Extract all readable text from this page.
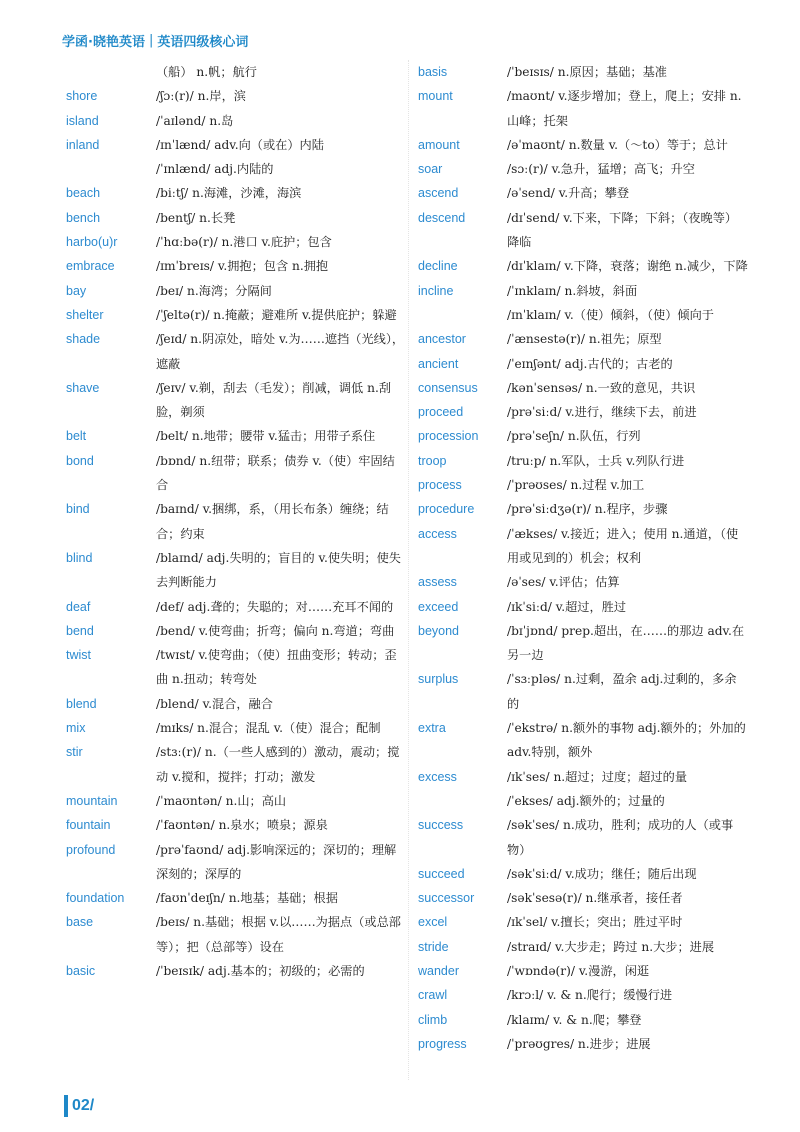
学函·晓艳英语 | 英语四级核心词
（船） n.帆；航行
shore	/ʃɔː(r)/ n.岸，滨
island	/ˈaɪlənd/ n.岛
inland	/ɪnˈlænd/ adv.向（或在）内陆
/ˈɪnlænd/ adj.内陆的
beach	/biːtʃ/ n.海滩，沙滩，海滨
bench	/bentʃ/ n.长凳
harbo(u)r	/ˈhɑːbə(r)/ n.港口 v.庇护；包含
embrace	/ɪmˈbreɪs/ v.拥抱；包含 n.拥抱
bay	/beɪ/ n.海湾；分隔间
shelter	/ˈʃeltə(r)/ n.掩蔽；避难所 v.提供庇护；躲避
shade	/ʃeɪd/ n.阴凉处，暗处 v.为……遮挡（光线），遮蔽
shave	/ʃeɪv/ v.剃，刮去（毛发）；削减，调低 n.刮脸，剃须
belt	/belt/ n.地带；腰带 v.猛击；用带子系住
bond	/bɒnd/ n.纽带；联系；债券 v.（使）牢固结合
bind	/baɪnd/ v.捆绑，系，（用长布条）缠绕；结合；约束
blind	/blaɪnd/ adj.失明的；盲目的 v.使失明；使失去判断能力
deaf	/def/ adj.聋的；失聪的；对……充耳不闻的
bend	/bend/ v.使弯曲；折弯；偏向 n.弯道；弯曲
twist	/twɪst/ v.使弯曲；（使）扭曲变形；转动；歪曲 n.扭动；转弯处
blend	/blend/ v.混合，融合
mix	/mɪks/ n.混合；混乱 v.（使）混合；配制
stir	/stɜː(r)/ n.（一些人感到的）激动，震动；搅动 v.搅和，搅拌；打动；激发
mountain	/ˈmaʊntən/ n.山；高山
fountain	/ˈfaʊntən/ n.泉水；喷泉；源泉
profound	/prəˈfaʊnd/ adj.影响深远的；深切的；理解深刻的；深厚的
foundation	/faʊnˈdeɪʃn/ n.地基；基础；根据
base	/beɪs/ n.基础；根据 v.以……为据点（或总部等）；把（总部等）设在
basic	/ˈbeɪsɪk/ adj.基本的；初级的；必需的
basis	/ˈbeɪsɪs/ n.原因；基础；基准
mount	/maʊnt/ v.逐步增加；登上，爬上；安排 n.山峰；托架
amount	/əˈmaʊnt/ n.数量 v.（～to）等于；总计
soar	/sɔː(r)/ v.急升，猛增；高飞；升空
ascend	/əˈsend/ v.升高；攀登
descend	/dɪˈsend/ v.下来，下降；下斜；（夜晚等）降临
decline	/dɪˈklaɪn/ v.下降，衰落；谢绝 n.减少，下降
incline	/ˈɪnklaɪn/ n.斜坡，斜面
/ɪnˈklaɪn/ v.（使）倾斜，（使）倾向于
ancestor	/ˈænsestə(r)/ n.祖先；原型
ancient	/ˈeɪnʃənt/ adj.古代的；古老的
consensus	/kənˈsensəs/ n.一致的意见，共识
proceed	/prəˈsiːd/ v.进行，继续下去，前进
procession	/prəˈseʃn/ n.队伍，行列
troop	/truːp/ n.军队，士兵 v.列队行进
process	/ˈprəʊses/ n.过程 v.加工
procedure	/prəˈsiːdʒə(r)/ n.程序，步骤
access	/ˈækses/ v.接近；进入；使用 n.通道，（使用或见到的）机会；权利
assess	/əˈses/ v.评估；估算
exceed	/ɪkˈsiːd/ v.超过，胜过
beyond	/bɪˈjɒnd/ prep.超出，在……的那边 adv.在另一边
surplus	/ˈsɜːpləs/ n.过剩，盈余 adj.过剩的，多余的
extra	/ˈekstrə/ n.额外的事物 adj.额外的；外加的 adv.特别，额外
excess	/ɪkˈses/ n.超过；过度；超过的量
/ˈekses/ adj.额外的；过量的
success	/səkˈses/ n.成功，胜利；成功的人（或事物）
succeed	/səkˈsiːd/ v.成功；继任；随后出现
successor	/səkˈsesə(r)/ n.继承者，接任者
excel	/ɪkˈsel/ v.擅长；突出；胜过平时
stride	/straɪd/ v.大步走；跨过 n.大步；进展
wander	/ˈwɒndə(r)/ v.漫游，闲逛
crawl	/krɔːl/ v. & n.爬行；缓慢行进
climb	/klaɪm/ v. & n.爬；攀登
progress	/ˈprəʊgres/ n.进步；进展
02/
